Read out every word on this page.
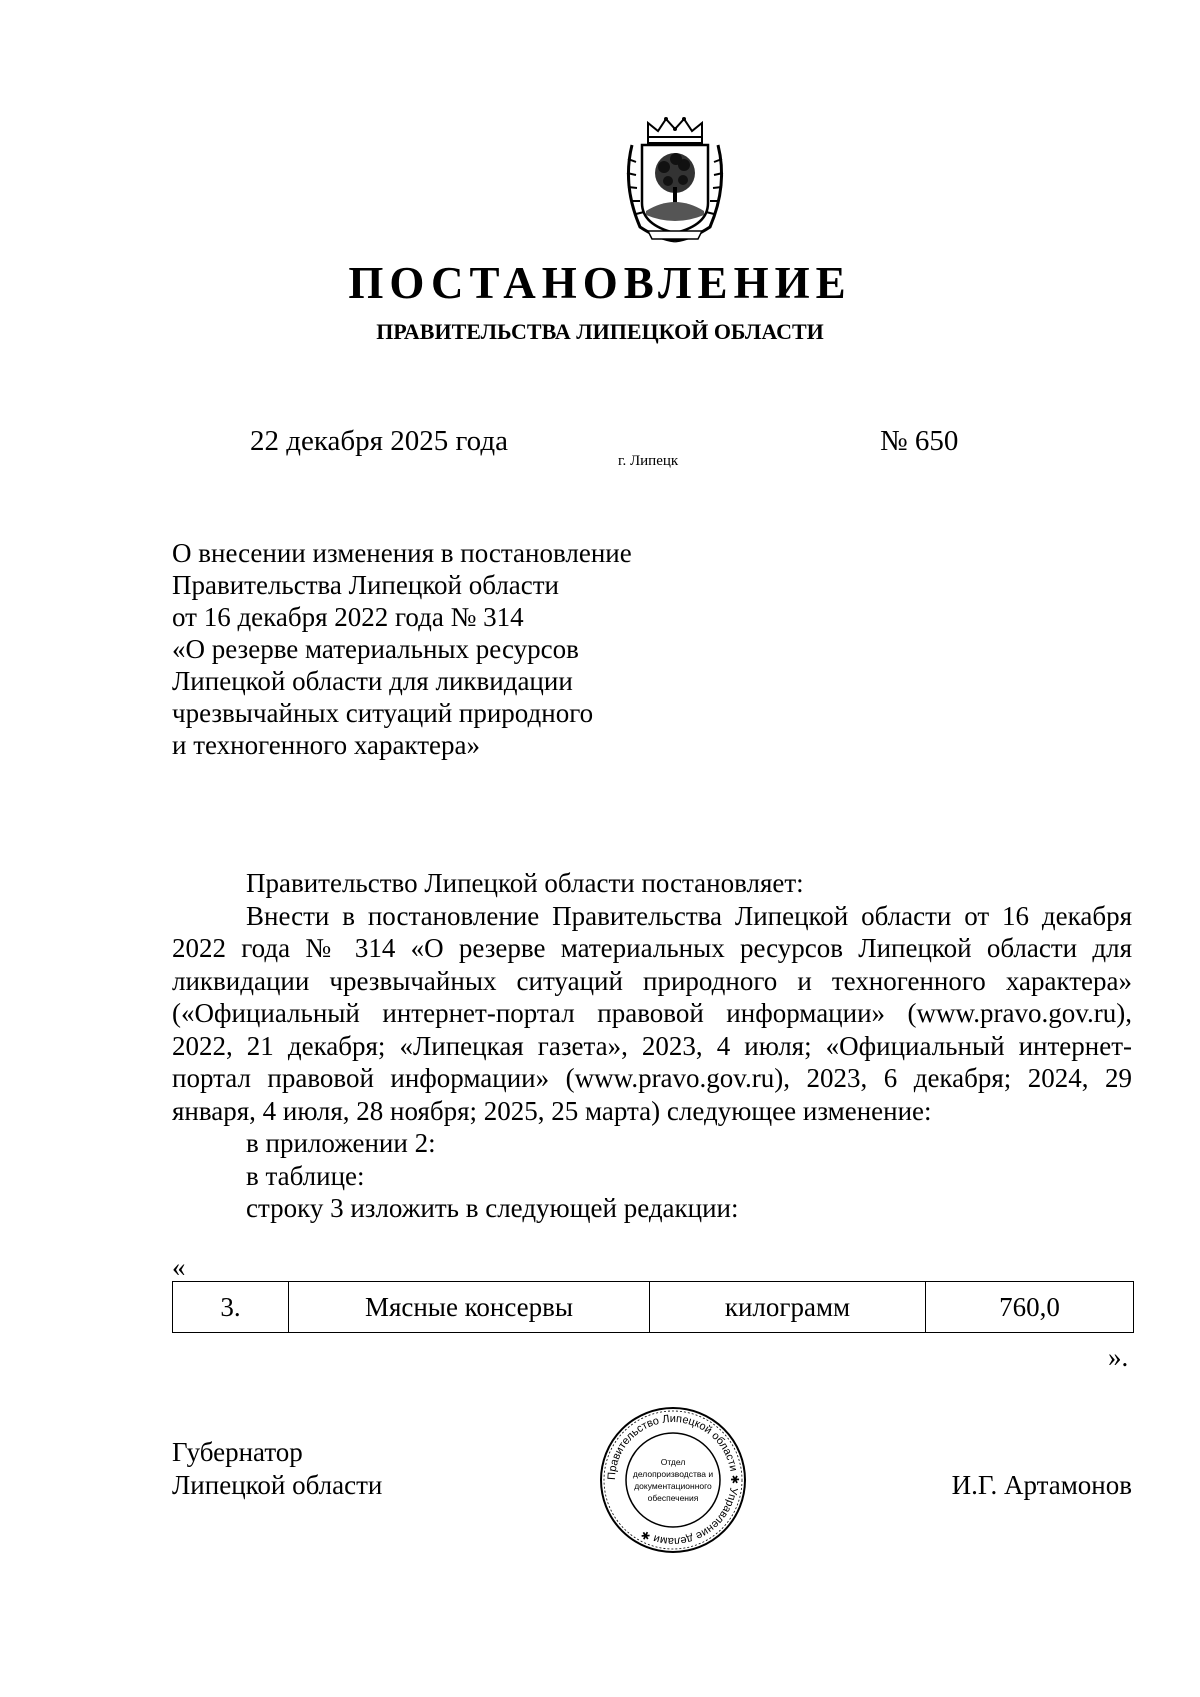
ПОСТАНОВЛЕНИЕ
ПРАВИТЕЛЬСТВА ЛИПЕЦКОЙ ОБЛАСТИ
22 декабря 2025 года
г. Липецк
№ 650
О внесении изменения в постановление
Правительства Липецкой области
от 16 декабря 2022 года № 314
«О резерве материальных ресурсов
Липецкой области для ликвидации
чрезвычайных ситуаций природного
и техногенного характера»

Правительство Липецкой области постановляет:

Внести в постановление Правительства Липецкой области от 16 декабря 2022 года № 314 «О резерве материальных ресурсов Липецкой области для ликвидации чрезвычайных ситуаций природного и техногенного характера» («Официальный интернет-портал правовой информации» (www.pravo.gov.ru), 2022, 21 декабря; «Липецкая газета», 2023, 4 июля; «Официальный интернет-портал правовой информации» (www.pravo.gov.ru), 2023, 6 декабря; 2024, 29 января, 4 июля, 28 ноября; 2025, 25 марта) следующее изменение:

в приложении 2:

в таблице:

строку 3 изложить в следующей редакции:

«
3.	Мясные консервы	килограмм	760,0
».
Губернатор
Липецкой области	И.Г. Артамонов
Правительство Липецкой области ✱ Управление делами ✱
Отдел
делопроизводства и
документационного
обеспечения
